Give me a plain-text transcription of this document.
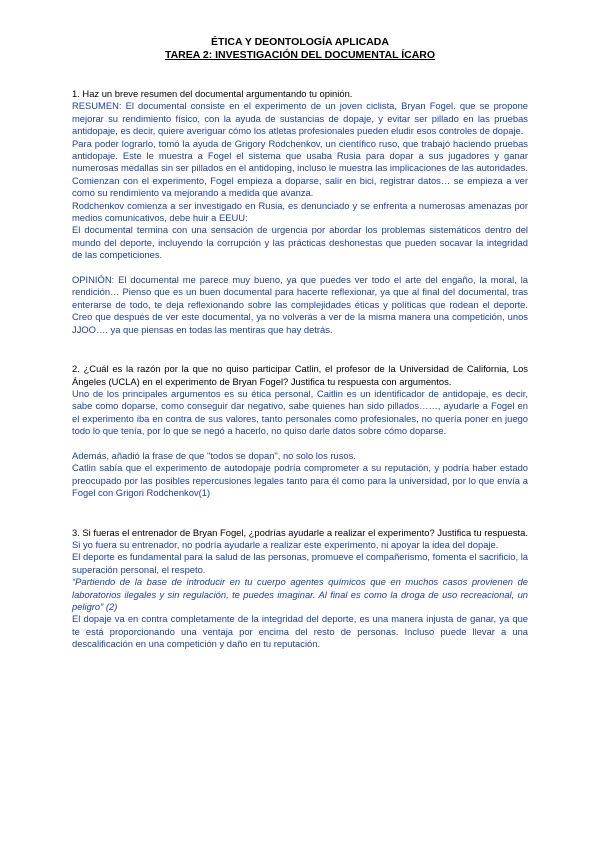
ÉTICA Y DEONTOLOGÍA APLICADA
TAREA 2: INVESTIGACIÓN DEL DOCUMENTAL ÍCARO

1. Haz un breve resumen del documental argumentando tu opinión.

RESUMEN: El documental consiste en el experimento de un joven ciclista, Bryan Fogel. que se propone mejorar su rendimiento físico, con la ayuda de sustancias de dopaje, y evitar ser pillado en las pruebas antidopaje, es decir, quiere averiguar cómo los atletas profesionales pueden eludir esos controles de dopaje.

Para poder lograrlo, tomó la ayuda de Grigory Rodchenkov, un científico ruso, que trabajó haciendo pruebas antidopaje. Este le muestra a Fogel el sistema que usaba Rusia para dopar a sus jugadores y ganar numerosas medallas sin ser pillados en el antidoping, incluso le muestra las implicaciones de las autoridades.

Comienzan con el experimento, Fogel empieza a doparse, salir en bici, registrar datos… se empieza a ver como su rendimiento va mejorando a medida que avanza.

Rodchenkov comienza a ser investigado en Rusia, es denunciado y se enfrenta a numerosas amenazas por medios comunicativos, debe huir a EEUU:

El documental termina con una sensación de urgencia por abordar los problemas sistemáticos dentro del mundo del deporte, incluyendo la corrupción y las prácticas deshonestas que pueden socavar la integridad de las competiciones.

OPINIÓN: El documental me parece muy bueno, ya que puedes ver todo el arte del engaño, la moral, la rendición… Pienso que es un buen documental para hacerte reflexionar, ya que al final del documental, tras enterarse de todo, te deja reflexionando sobre las complejidades éticas y políticas que rodean el deporte. Creo que después de ver este documental, ya no volverás a ver de la misma manera una competición, unos JJOO…. ya que piensas en todas las mentiras que hay detrás.

2. ¿Cuál es la razón por la que no quiso participar Catlin, el profesor de la Universidad de California, Los Ángeles (UCLA) en el experimento de Bryan Fogel? Justifica tu respuesta con argumentos.

Uno de los principales argumentos es su ética personal, Caitlin es un identificador de antidopaje, es decir, sabe como doparse, como conseguir dar negativo, sabe quienes han sido pillados……, ayudarle a Fogel en el experimento iba en contra de sus valores, tanto personales como profesionales, no quería poner en juego todo lo que tenía, por lo que se negó a hacerlo, no quiso darle datos sobre cómo doparse.

Además, añadió la frase de que "todos se dopan", no solo los rusos.

Catlin sabía que el experimento de autodopaje podría comprometer a su reputación, y podría haber estado preocupado por las posibles repercusiones legales tanto para él como para la universidad, por lo que envía a Fogel con Grigori Rodchenkov(1)

3. Si fueras el entrenador de Bryan Fogel, ¿podrías ayudarle a realizar el experimento? Justifica tu respuesta.

Si yo fuera su entrenador, no podría ayudarle a realizar este experimento, ni apoyar la idea del dopaje.

El deporte es fundamental para la salud de las personas, promueve el compañerismo, fomenta el sacrificio, la superación personal, el respeto.

“Partiendo de la base de introducir en tu cuerpo agentes químicos que en muchos casos provienen de laboratorios ilegales y sin regulación, te puedes imaginar. Al final es como la droga de uso recreacional, un peligro” (2)

El dopaje va en contra completamente de la integridad del deporte, es una manera injusta de ganar, ya que te está proporcionando una ventaja por encima del resto de personas. Incluso puede llevar a una descalificación en una competición y daño en tu reputación.
